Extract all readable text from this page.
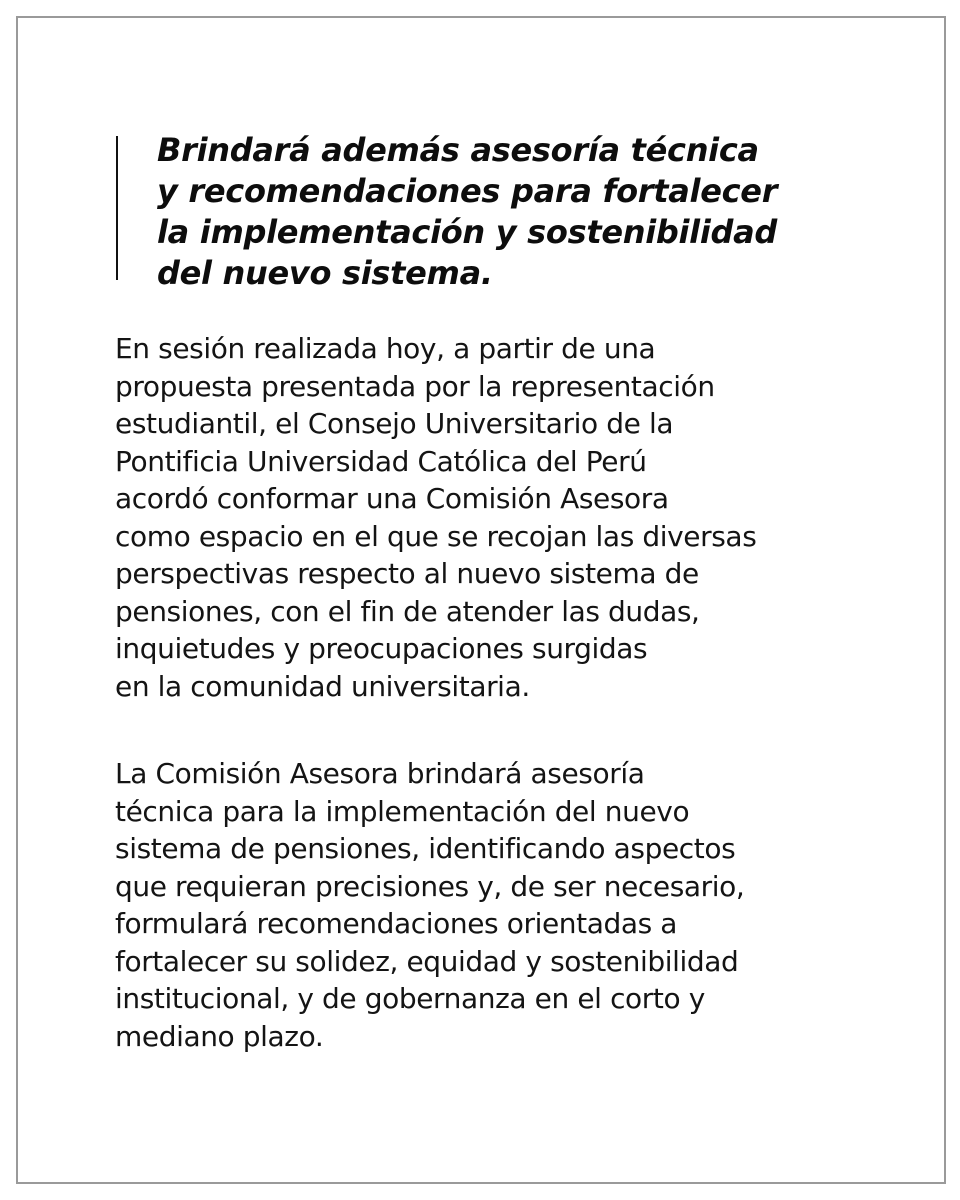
Brindará además asesoría técnica
y recomendaciones para fortalecer
la implementación y sostenibilidad
del nuevo sistema.

En sesión realizada hoy, a partir de una
propuesta presentada por la representación
estudiantil, el Consejo Universitario de la
Pontificia Universidad Católica del Perú
acordó conformar una Comisión Asesora
como espacio en el que se recojan las diversas
perspectivas respecto al nuevo sistema de
pensiones, con el fin de atender las dudas,
inquietudes y preocupaciones surgidas
en la comunidad universitaria.

La Comisión Asesora brindará asesoría
técnica para la implementación del nuevo
sistema de pensiones, identificando aspectos
que requieran precisiones y, de ser necesario,
formulará recomendaciones orientadas a
fortalecer su solidez, equidad y sostenibilidad
institucional, y de gobernanza en el corto y
mediano plazo.
